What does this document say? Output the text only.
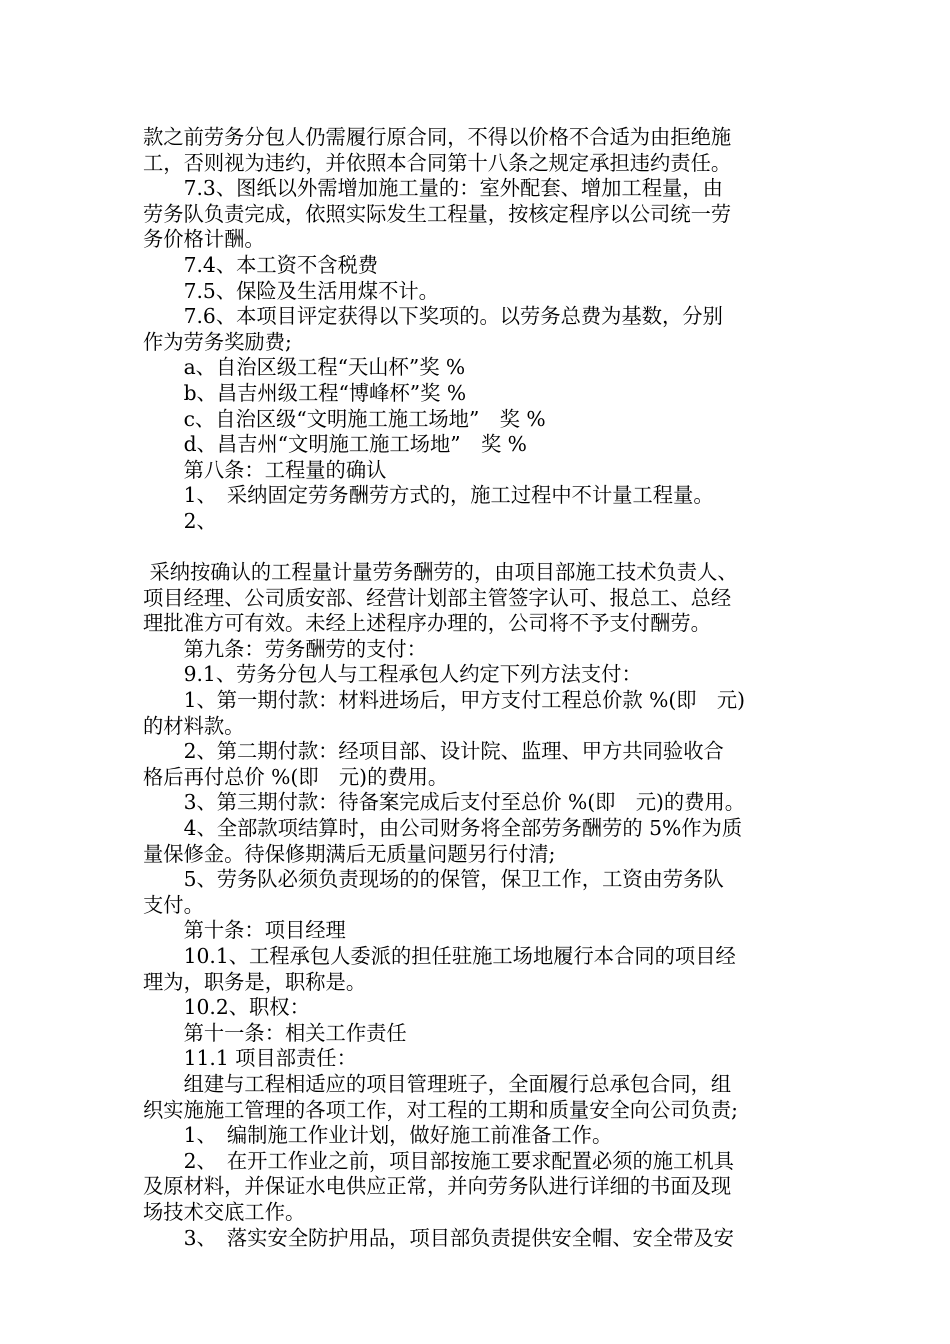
款之前劳务分包人仍需履行原合同，不得以价格不合适为由拒绝施
工，否则视为违约，并依照本合同第十八条之规定承担违约责任。
　　7.3、图纸以外需增加施工量的：室外配套、增加工程量，由
劳务队负责完成，依照实际发生工程量，按核定程序以公司统一劳
务价格计酬。
　　7.4、本工资不含税费
　　7.5、保险及生活用煤不计。
　　7.6、本项目评定获得以下奖项的。以劳务总费为基数，分别
作为劳务奖励费;
　　a、自治区级工程“天山杯”奖 %
　　b、昌吉州级工程“博峰杯”奖 %
　　c、自治区级“文明施工施工场地”　奖 %
　　d、昌吉州“文明施工施工场地”　奖 %
　　第八条：工程量的确认
　　1、　采纳固定劳务酬劳方式的，施工过程中不计量工程量。
　　2、
采纳按确认的工程量计量劳务酬劳的，由项目部施工技术负责人、
项目经理、公司质安部、经营计划部主管签字认可、报总工、总经
理批准方可有效。未经上述程序办理的，公司将不予支付酬劳。
　　第九条：劳务酬劳的支付：
　　9.1、劳务分包人与工程承包人约定下列方法支付：
　　1、第一期付款：材料进场后，甲方支付工程总价款 %(即　元)
的材料款。
　　2、第二期付款：经项目部、设计院、监理、甲方共同验收合
格后再付总价 %(即　元)的费用。
　　3、第三期付款：待备案完成后支付至总价 %(即　元)的费用。
　　4、全部款项结算时，由公司财务将全部劳务酬劳的 5%作为质
量保修金。待保修期满后无质量问题另行付清;
　　5、劳务队必须负责现场的的保管，保卫工作，工资由劳务队
支付。
　　第十条：项目经理
　　10.1、工程承包人委派的担任驻施工场地履行本合同的项目经
理为，职务是，职称是。
　　10.2、职权：
　　第十一条：相关工作责任
　　11.1 项目部责任：
　　组建与工程相适应的项目管理班子，全面履行总承包合同，组
织实施施工管理的各项工作，对工程的工期和质量安全向公司负责;
　　1、　编制施工作业计划，做好施工前准备工作。
　　2、　在开工作业之前，项目部按施工要求配置必须的施工机具
及原材料，并保证水电供应正常，并向劳务队进行详细的书面及现
场技术交底工作。
　　3、　落实安全防护用品，项目部负责提供安全帽、安全带及安
